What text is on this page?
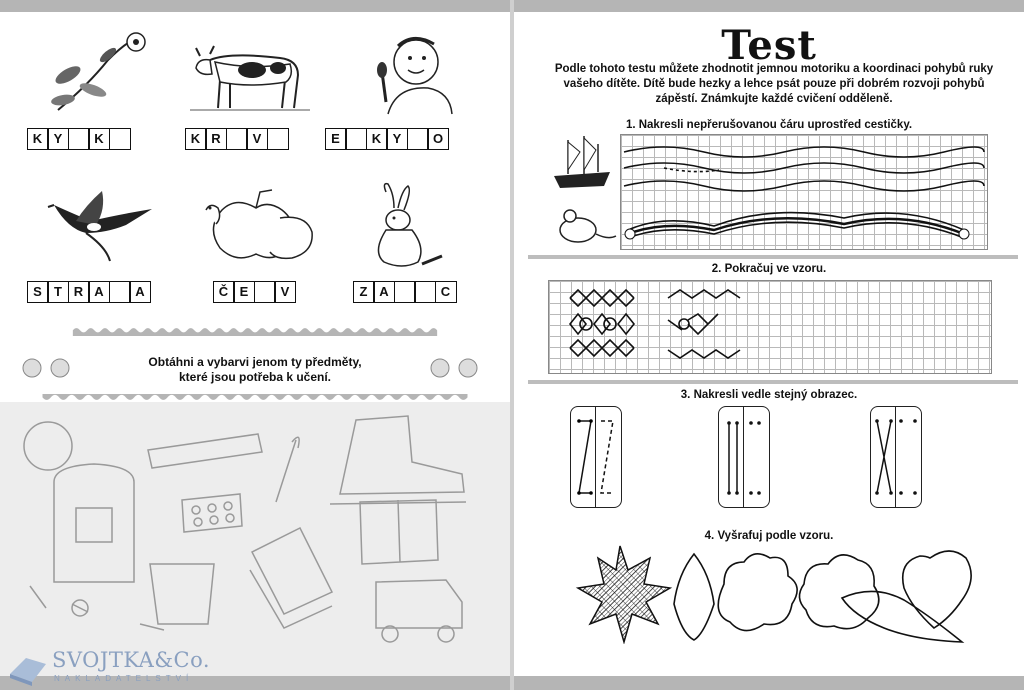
K Y	K	K R	V	E	K Y	O
S T R A	A	Č E	V	Z A	C
Obtáhni a vybarvi jenom ty předměty,
které jsou potřeba k učení.
SVOJTKA&Co.
NAKLADATELSTVÍ
Test
Podle tohoto testu můžete zhodnotit jemnou motoriku a koordinaci pohybů ruky vašeho dítěte. Dítě bude hezky a lehce psát pouze při dobrém rozvoji pohybů zápěstí. Známkujte každé cvičení odděleně.
1. Nakresli nepřerušovanou čáru uprostřed cestičky.
2. Pokračuj ve vzoru.
3. Nakresli vedle stejný obrazec.
4. Vyšrafuj podle vzoru.
